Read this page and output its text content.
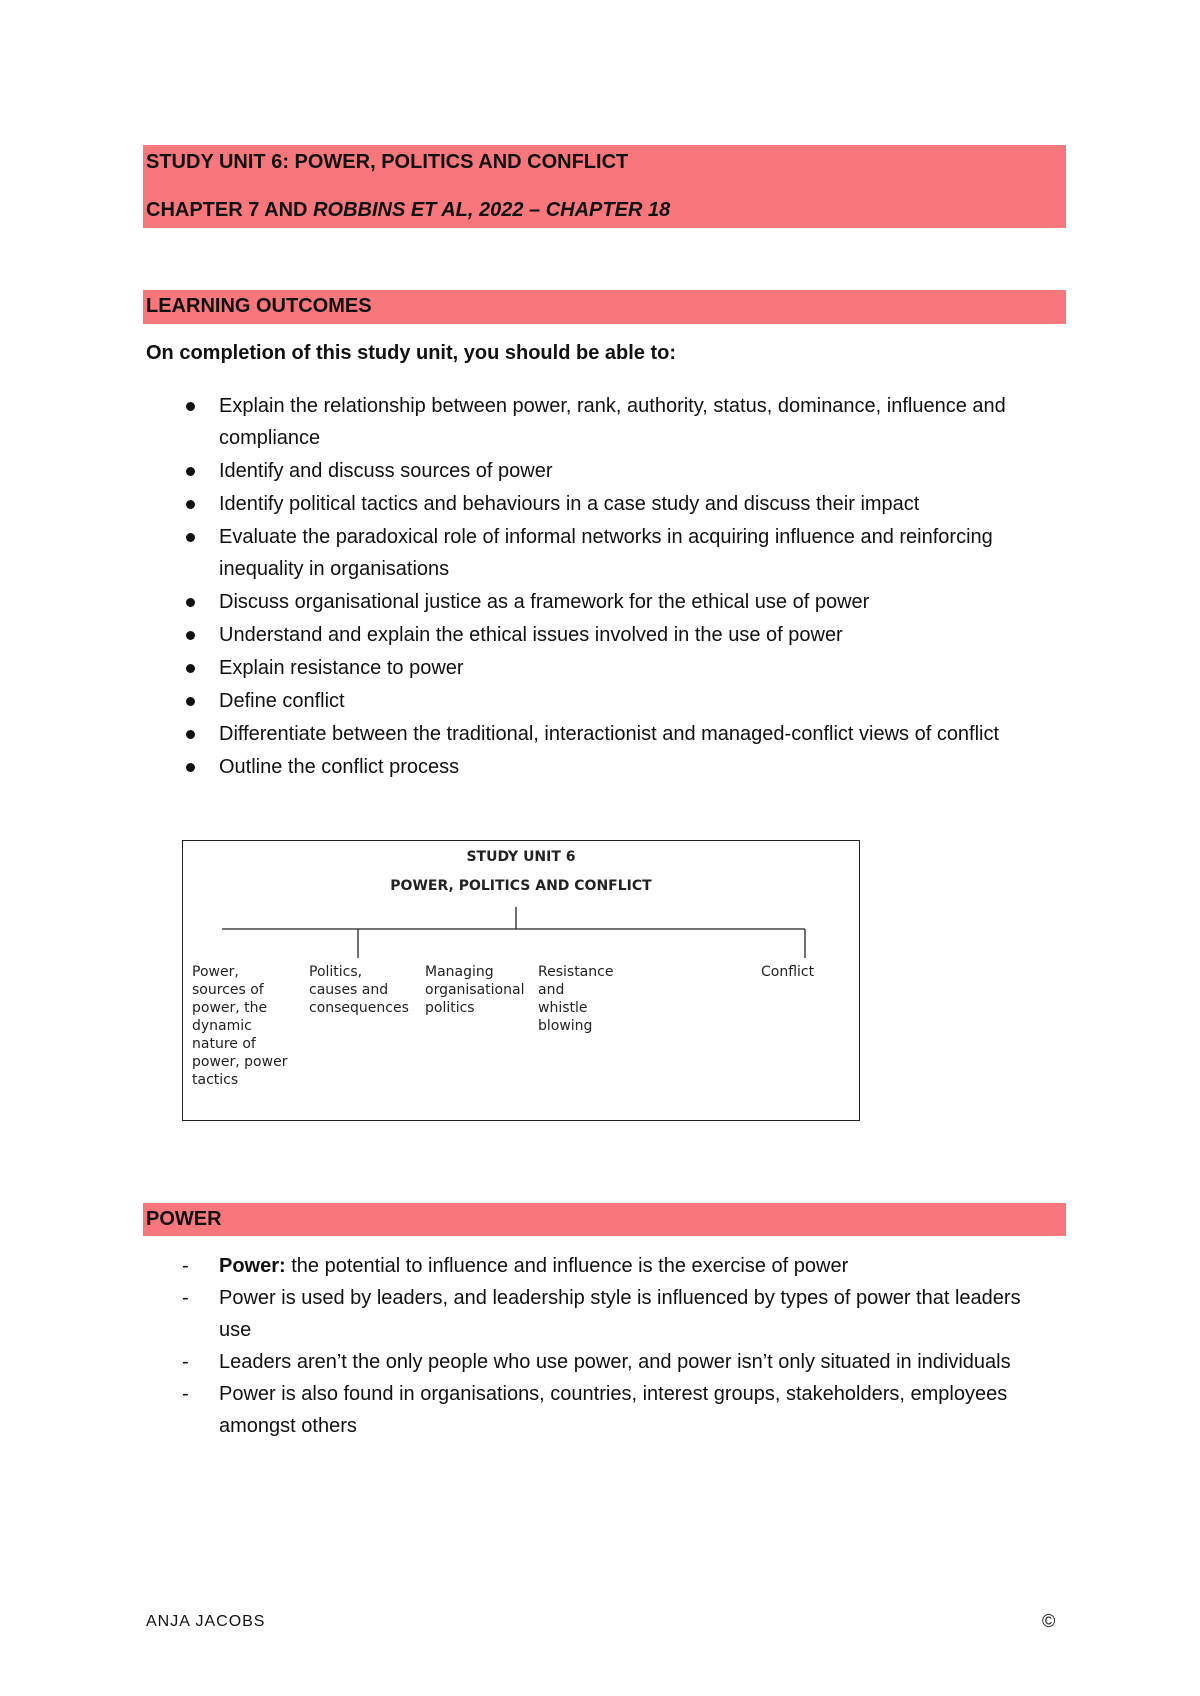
STUDY UNIT 6: POWER, POLITICS AND CONFLICT
CHAPTER 7 AND ROBBINS ET AL, 2022 – CHAPTER 18
LEARNING OUTCOMES
On completion of this study unit, you should be able to:
Explain the relationship between power, rank, authority, status, dominance, influence and compliance
Identify and discuss sources of power
Identify political tactics and behaviours in a case study and discuss their impact
Evaluate the paradoxical role of informal networks in acquiring influence and reinforcing inequality in organisations
Discuss organisational justice as a framework for the ethical use of power
Understand and explain the ethical issues involved in the use of power
Explain resistance to power
Define conflict
Differentiate between the traditional, interactionist and managed-conflict views of conflict
Outline the conflict process
STUDY UNIT 6
POWER, POLITICS AND CONFLICT
Power,
sources of
power, the
dynamic
nature of
power, power
tactics
Politics,
causes and
consequences
Managing
organisational
politics
Resistance
and
whistle
blowing
Conflict
POWER
- Power: the potential to influence and influence is the exercise of power
- Power is used by leaders, and leadership style is influenced by types of power that leaders use
- Leaders aren’t the only people who use power, and power isn’t only situated in individuals
- Power is also found in organisations, countries, interest groups, stakeholders, employees amongst others
ANJA JACOBS	©
